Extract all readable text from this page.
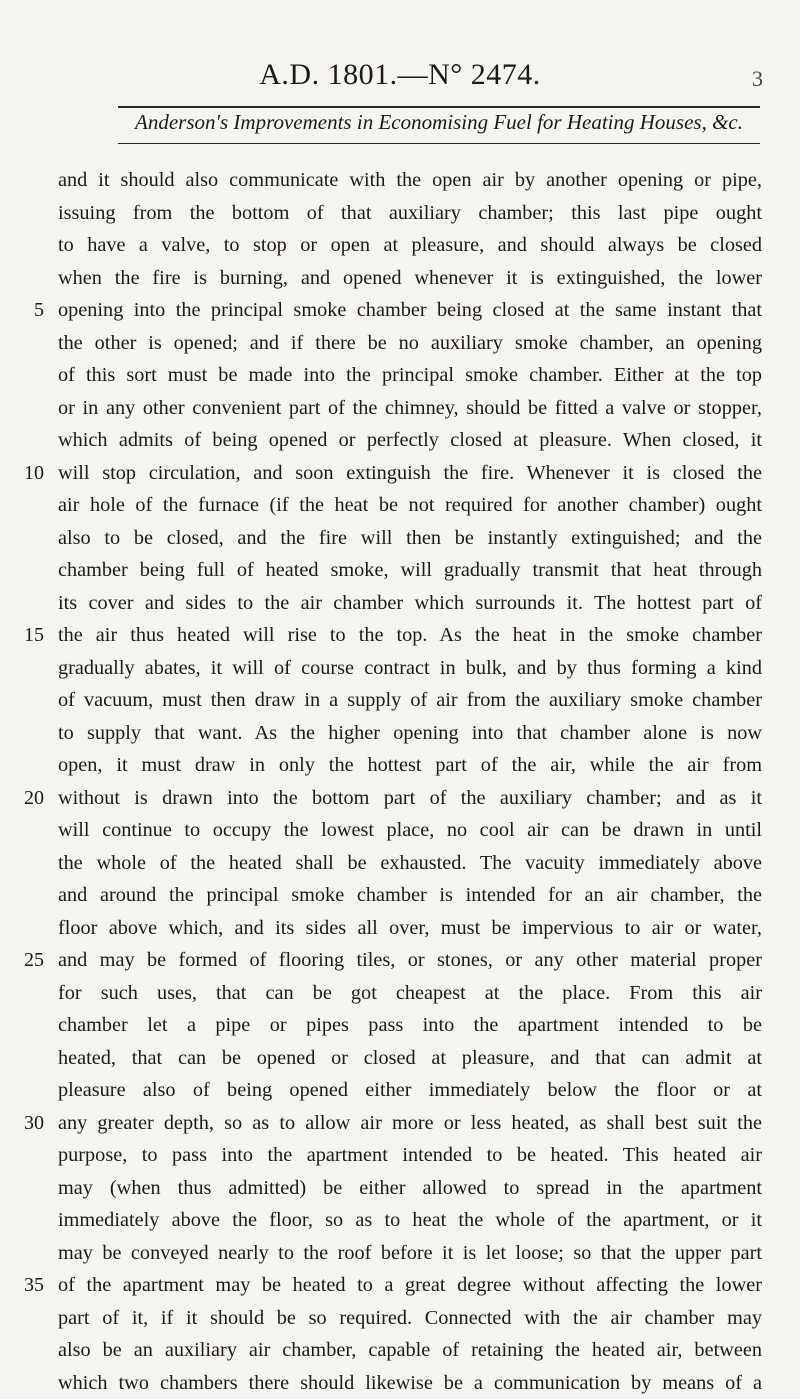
A.D. 1801.—N° 2474.	3
Anderson's Improvements in Economising Fuel for Heating Houses, &c.
and it should also communicate with the open air by another opening or pipe,
issuing from the bottom of that auxiliary chamber; this last pipe ought
to have a valve, to stop or open at pleasure, and should always be closed
when the fire is burning, and opened whenever it is extinguished, the lower
5 opening into the principal smoke chamber being closed at the same instant that
the other is opened; and if there be no auxiliary smoke chamber, an opening
of this sort must be made into the principal smoke chamber. Either at the top
or in any other convenient part of the chimney, should be fitted a valve or stopper,
which admits of being opened or perfectly closed at pleasure. When closed, it
10 will stop circulation, and soon extinguish the fire. Whenever it is closed the
air hole of the furnace (if the heat be not required for another chamber) ought
also to be closed, and the fire will then be instantly extinguished; and the
chamber being full of heated smoke, will gradually transmit that heat through
its cover and sides to the air chamber which surrounds it. The hottest part of
15 the air thus heated will rise to the top. As the heat in the smoke chamber
gradually abates, it will of course contract in bulk, and by thus forming a kind
of vacuum, must then draw in a supply of air from the auxiliary smoke chamber
to supply that want. As the higher opening into that chamber alone is now
open, it must draw in only the hottest part of the air, while the air from
20 without is drawn into the bottom part of the auxiliary chamber; and as it
will continue to occupy the lowest place, no cool air can be drawn in until
the whole of the heated shall be exhausted. The vacuity immediately above
and around the principal smoke chamber is intended for an air chamber, the
floor above which, and its sides all over, must be impervious to air or water,
25 and may be formed of flooring tiles, or stones, or any other material proper
for such uses, that can be got cheapest at the place. From this air
chamber let a pipe or pipes pass into the apartment intended to be
heated, that can be opened or closed at pleasure, and that can admit at
pleasure also of being opened either immediately below the floor or at
30 any greater depth, so as to allow air more or less heated, as shall best suit the
purpose, to pass into the apartment intended to be heated. This heated air
may (when thus admitted) be either allowed to spread in the apartment
immediately above the floor, so as to heat the whole of the apartment, or it
may be conveyed nearly to the roof before it is let loose; so that the upper part
35 of the apartment may be heated to a great degree without affecting the lower
part of it, if it should be so required. Connected with the air chamber may
also be an auxiliary air chamber, capable of retaining the heated air, between
which two chambers there should likewise be a communication by means of a
